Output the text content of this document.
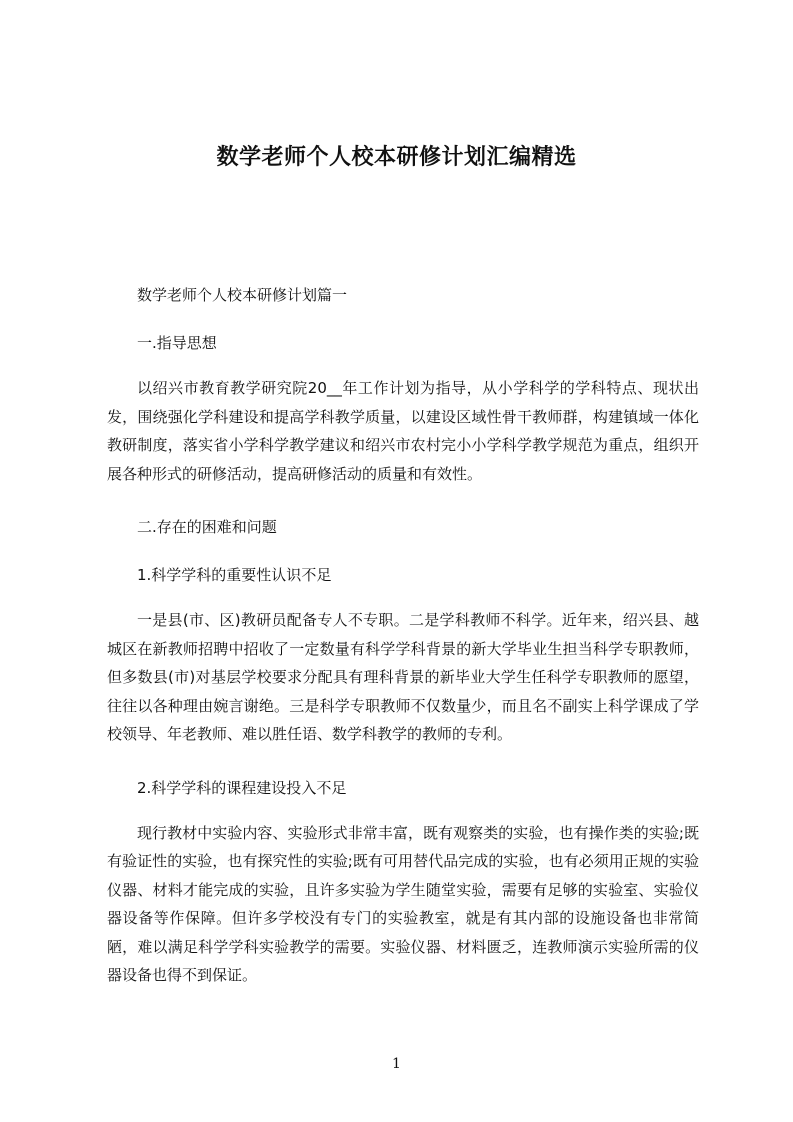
数学老师个人校本研修计划汇编精选

数学老师个人校本研修计划篇一

一.指导思想

以绍兴市教育教学研究院20__年工作计划为指导，从小学科学的学科特点、现状出发，围绕强化学科建设和提高学科教学质量，以建设区域性骨干教师群，构建镇域一体化教研制度，落实省小学科学教学建议和绍兴市农村完小小学科学教学规范为重点，组织开展各种形式的研修活动，提高研修活动的质量和有效性。

二.存在的困难和问题

1.科学学科的重要性认识不足

一是县(市、区)教研员配备专人不专职。二是学科教师不科学。近年来，绍兴县、越城区在新教师招聘中招收了一定数量有科学学科背景的新大学毕业生担当科学专职教师，但多数县(市)对基层学校要求分配具有理科背景的新毕业大学生任科学专职教师的愿望，往往以各种理由婉言谢绝。三是科学专职教师不仅数量少，而且名不副实上科学课成了学校领导、年老教师、难以胜任语、数学科教学的教师的专利。

2.科学学科的课程建设投入不足

现行教材中实验内容、实验形式非常丰富，既有观察类的实验，也有操作类的实验;既有验证性的实验，也有探究性的实验;既有可用替代品完成的实验，也有必须用正规的实验仪器、材料才能完成的实验，且许多实验为学生随堂实验，需要有足够的实验室、实验仪器设备等作保障。但许多学校没有专门的实验教室，就是有其内部的设施设备也非常简陋，难以满足科学学科实验教学的需要。实验仪器、材料匮乏，连教师演示实验所需的仪器设备也得不到保证。

1
